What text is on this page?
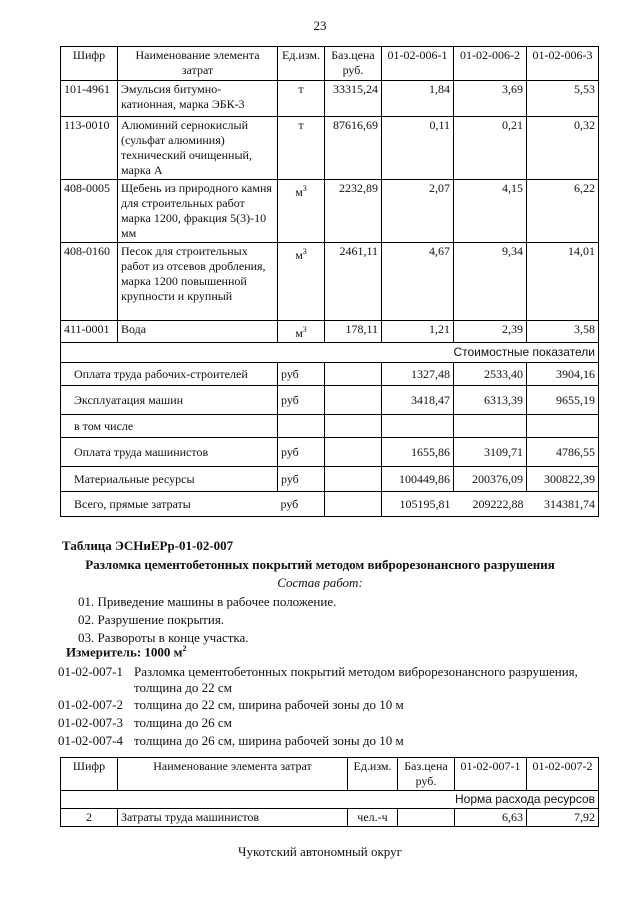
23
Шифр	Наименование элемента затрат	Ед.изм.	Баз.цена руб.	01-02-006-1	01-02-006-2	01-02-006-3
101-4961	Эмульсия битумно-катионная, марка ЭБК-3	т	33315,24	1,84	3,69	5,53
113-0010	Алюминий сернокислый (сульфат алюминия) технический очищенный, марка А	т	87616,69	0,11	0,21	0,32
408-0005	Щебень из природного камня для строительных работ марка 1200, фракция 5(3)-10 мм	$м^3$	2232,89	2,07	4,15	6,22
408-0160	Песок для строительных работ из отсевов дробления, марка 1200 повышенной крупности и крупный	$м^3$	2461,11	4,67	9,34	14,01
411-0001	Вода	$м^3$	178,11	1,21	2,39	3,58
Стоимостные показатели						
Оплата труда рабочих-строителей		руб		1327,48	2533,40	3904,16
Эксплуатация машин		руб		3418,47	6313,39	9655,19
в том числе						
Оплата труда машинистов		руб		1655,86	3109,71	4786,55
Материальные ресурсы		руб		100449,86	200376,09	300822,39
Всего, прямые затраты		руб		105195,81	209222,88	314381,74
Таблица ЭСНиЕРр-01-02-007
Разломка цементобетонных покрытий методом виброрезонансного разрушения
Состав работ:
01. Приведение машины в рабочее положение.
02. Разрушение покрытия.
03. Развороты в конце участка.
Измеритель: 1000 $м^2$
01-02-007-1 Разломка цементобетонных покрытий методом виброрезонансного разрушения, толщина до 22 см
01-02-007-2 толщина до 22 см, ширина рабочей зоны до 10 м
01-02-007-3 толщина до 26 см
01-02-007-4 толщина до 26 см, ширина рабочей зоны до 10 м
Шифр	Наименование элемента затрат	Ед.изм.	Баз.цена руб.	01-02-007-1	01-02-007-2
Норма расхода ресурсов					
2	Затраты труда машинистов	чел.-ч		6,63	7,92
Чукотский автономный округ
